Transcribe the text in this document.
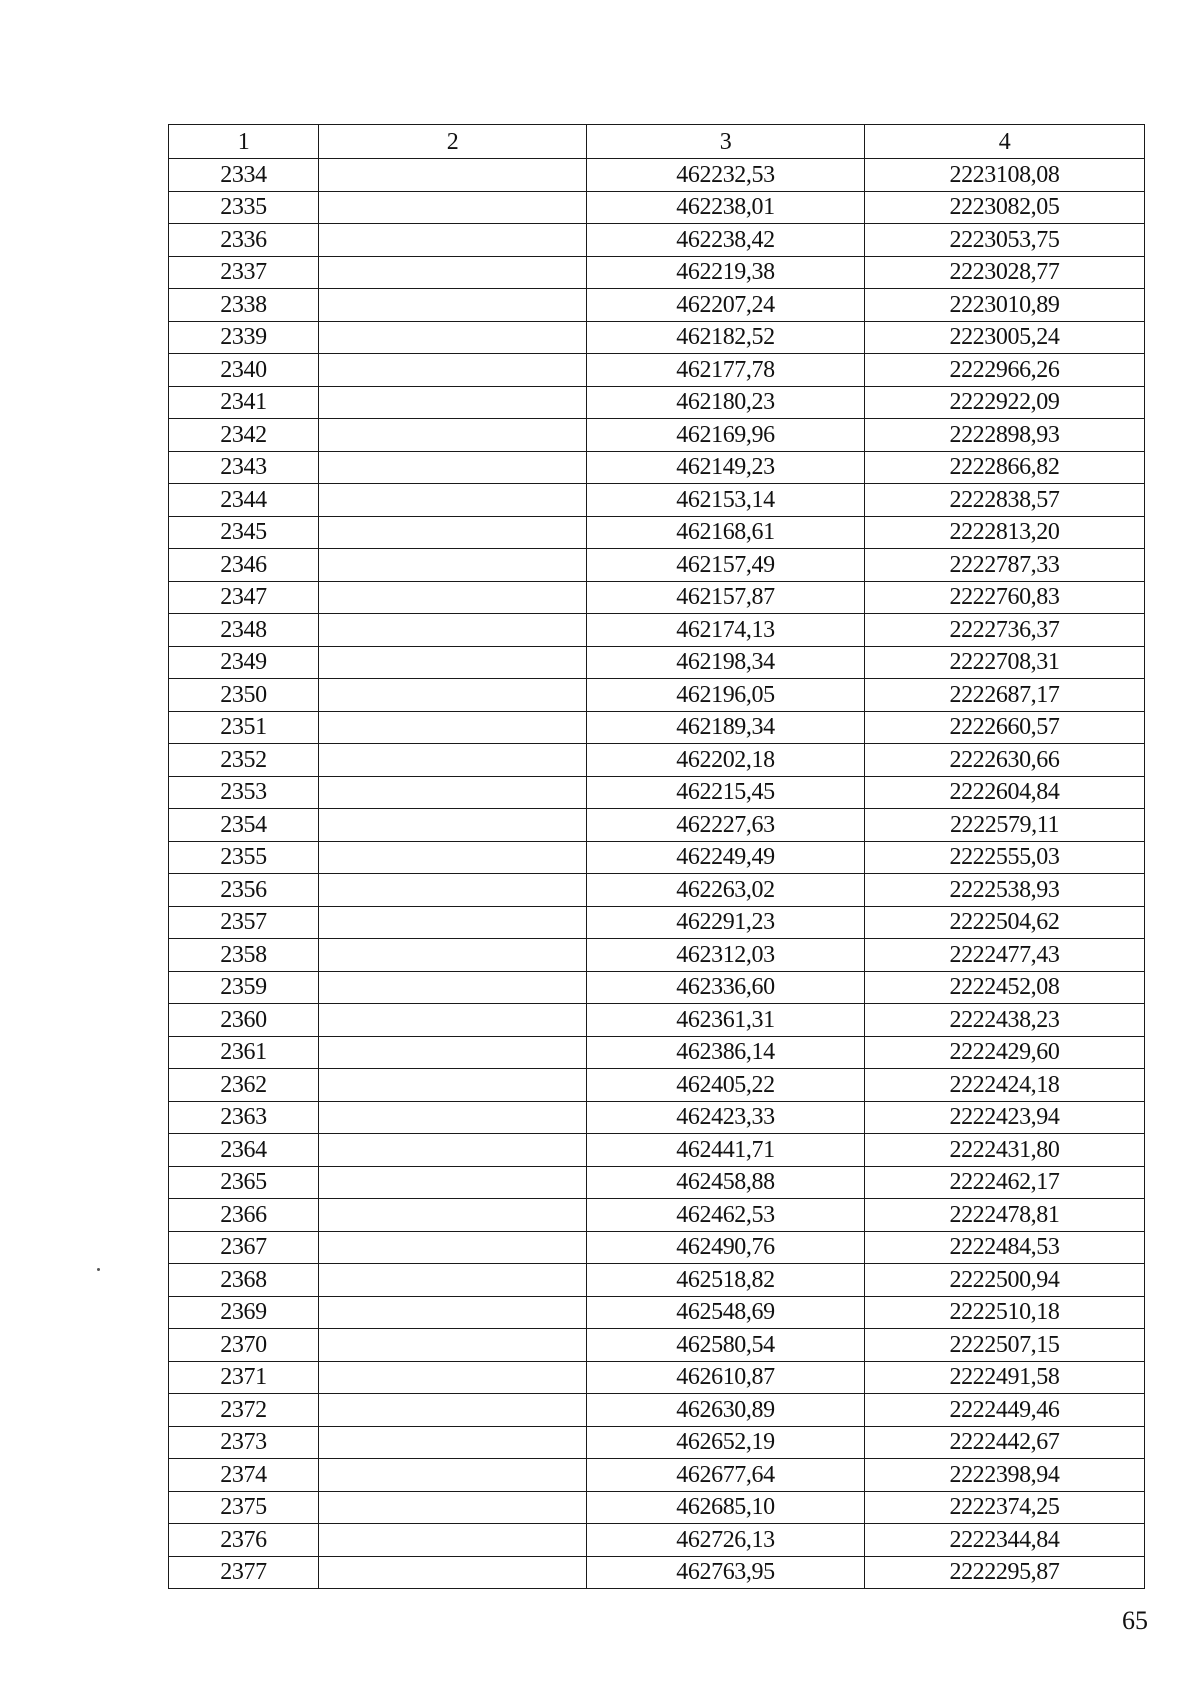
1	2	3	4
2334		462232,53	2223108,08
2335		462238,01	2223082,05
2336		462238,42	2223053,75
2337		462219,38	2223028,77
2338		462207,24	2223010,89
2339		462182,52	2223005,24
2340		462177,78	2222966,26
2341		462180,23	2222922,09
2342		462169,96	2222898,93
2343		462149,23	2222866,82
2344		462153,14	2222838,57
2345		462168,61	2222813,20
2346		462157,49	2222787,33
2347		462157,87	2222760,83
2348		462174,13	2222736,37
2349		462198,34	2222708,31
2350		462196,05	2222687,17
2351		462189,34	2222660,57
2352		462202,18	2222630,66
2353		462215,45	2222604,84
2354		462227,63	2222579,11
2355		462249,49	2222555,03
2356		462263,02	2222538,93
2357		462291,23	2222504,62
2358		462312,03	2222477,43
2359		462336,60	2222452,08
2360		462361,31	2222438,23
2361		462386,14	2222429,60
2362		462405,22	2222424,18
2363		462423,33	2222423,94
2364		462441,71	2222431,80
2365		462458,88	2222462,17
2366		462462,53	2222478,81
2367		462490,76	2222484,53
2368		462518,82	2222500,94
2369		462548,69	2222510,18
2370		462580,54	2222507,15
2371		462610,87	2222491,58
2372		462630,89	2222449,46
2373		462652,19	2222442,67
2374		462677,64	2222398,94
2375		462685,10	2222374,25
2376		462726,13	2222344,84
2377		462763,95	2222295,87
65
